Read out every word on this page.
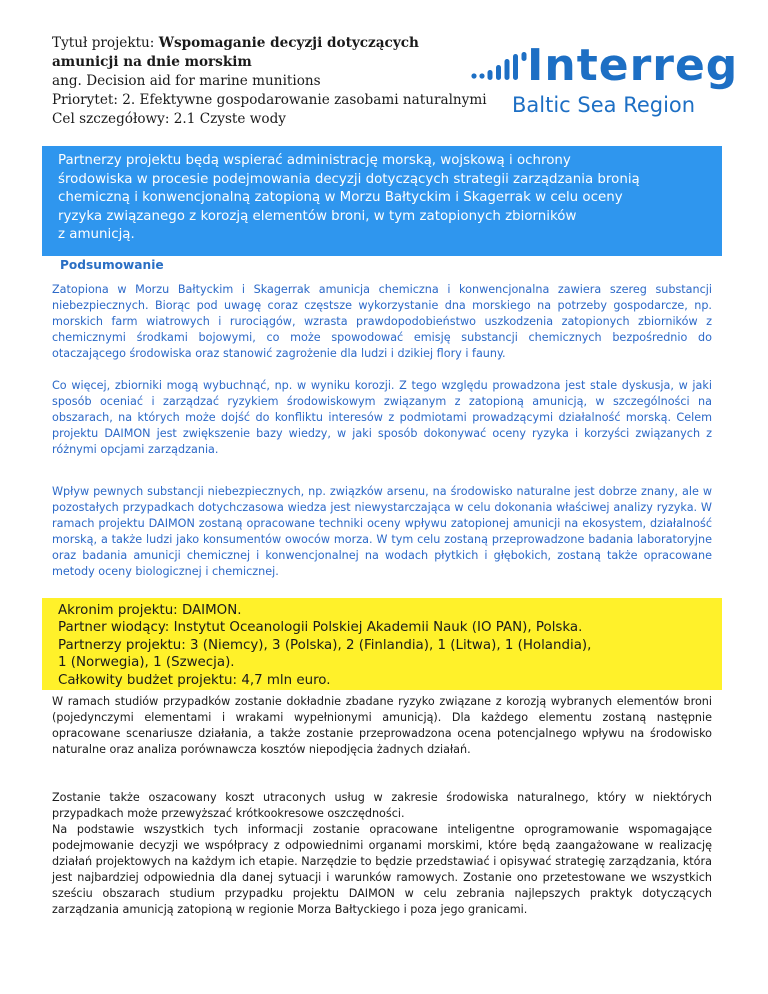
Tytuł projektu: Wspomaganie decyzji dotyczących
amunicji na dnie morskim
ang. Decision aid for marine munitions
Priorytet: 2. Efektywne gospodarowanie zasobami naturalnymi
Cel szczegółowy: 2.1 Czyste wody
Interreg
Baltic Sea Region
Partnerzy projektu będą wspierać administrację morską, wojskową i ochrony
środowiska w procesie podejmowania decyzji dotyczących strategii zarządzania bronią
chemiczną i konwencjonalną zatopioną w Morzu Bałtyckim i Skagerrak w celu oceny
ryzyka związanego z korozją elementów broni, w tym zatopionych zbiorników
z amunicją.
Podsumowanie
Zatopiona w Morzu Bałtyckim i Skagerrak amunicja chemiczna i konwencjonalna zawiera szereg substancji niebezpiecznych. Biorąc pod uwagę coraz częstsze wykorzystanie dna morskiego na potrzeby gospodarcze, np. morskich farm wiatrowych i rurociągów, wzrasta prawdopodobieństwo uszkodzenia zatopionych zbiorników z chemicznymi środkami bojowymi, co może spowodować emisję substancji chemicznych bezpośrednio do otaczającego środowiska oraz stanowić zagrożenie dla ludzi i dzikiej flory i fauny.
Co więcej, zbiorniki mogą wybuchnąć, np. w wyniku korozji. Z tego względu prowadzona jest stale dyskusja, w jaki sposób oceniać i zarządzać ryzykiem środowiskowym związanym z zatopioną amunicją, w szczególności na obszarach, na których może dojść do konfliktu interesów z podmiotami prowadzącymi działalność morską. Celem projektu DAIMON jest zwiększenie bazy wiedzy, w jaki sposób dokonywać oceny ryzyka i korzyści związanych z różnymi opcjami zarządzania.
Wpływ pewnych substancji niebezpiecznych, np. związków arsenu, na środowisko naturalne jest dobrze znany, ale w pozostałych przypadkach dotychczasowa wiedza jest niewystarczająca w celu dokonania właściwej analizy ryzyka. W ramach projektu DAIMON zostaną opracowane techniki oceny wpływu zatopionej amunicji na ekosystem, działalność morską, a także ludzi jako konsumentów owoców morza. W tym celu zostaną przeprowadzone badania laboratoryjne oraz badania amunicji chemicznej i konwencjonalnej na wodach płytkich i głębokich, zostaną także opracowane metody oceny biologicznej i chemicznej.
Akronim projektu: DAIMON.
Partner wiodący: Instytut Oceanologii Polskiej Akademii Nauk (IO PAN), Polska.
Partnerzy projektu: 3 (Niemcy), 3 (Polska), 2 (Finlandia), 1 (Litwa), 1 (Holandia),
1 (Norwegia), 1 (Szwecja).
Całkowity budżet projektu: 4,7 mln euro.
W ramach studiów przypadków zostanie dokładnie zbadane ryzyko związane z korozją wybranych elementów broni (pojedynczymi elementami i wrakami wypełnionymi amunicją). Dla każdego elementu zostaną następnie opracowane scenariusze działania, a także zostanie przeprowadzona ocena potencjalnego wpływu na środowisko naturalne oraz analiza porównawcza kosztów niepodjęcia żadnych działań.
Zostanie także oszacowany koszt utraconych usług w zakresie środowiska naturalnego, który w niektórych przypadkach może przewyższać krótkookresowe oszczędności.
Na podstawie wszystkich tych informacji zostanie opracowane inteligentne oprogramowanie wspomagające podejmowanie decyzji we współpracy z odpowiednimi organami morskimi, które będą zaangażowane w realizację działań projektowych na każdym ich etapie. Narzędzie to będzie przedstawiać i opisywać strategię zarządzania, która jest najbardziej odpowiednia dla danej sytuacji i warunków ramowych. Zostanie ono przetestowane we wszystkich sześciu obszarach studium przypadku projektu DAIMON w celu zebrania najlepszych praktyk dotyczących zarządzania amunicją zatopioną w regionie Morza Bałtyckiego i poza jego granicami.
